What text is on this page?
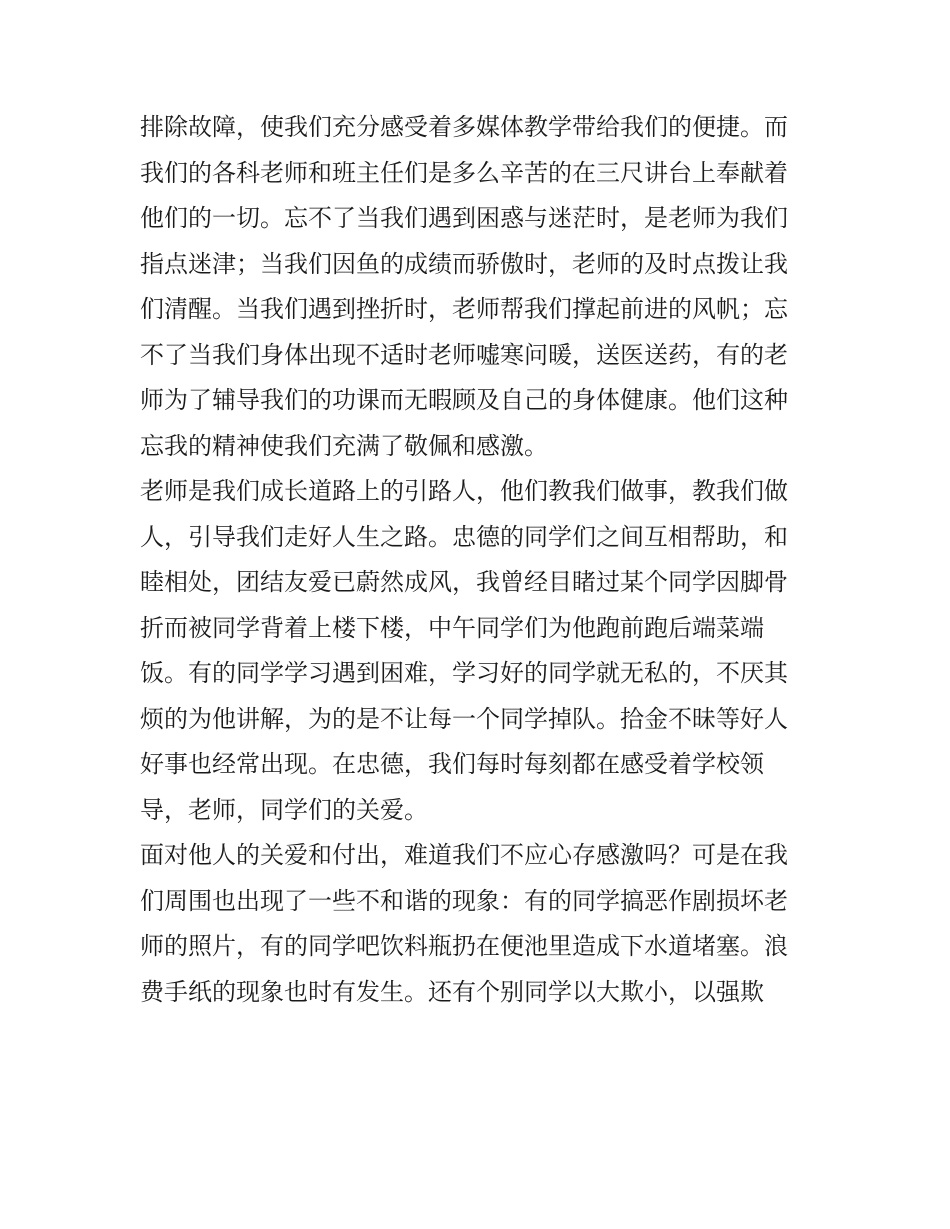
排除故障，使我们充分感受着多媒体教学带给我们的便捷。而
我们的各科老师和班主任们是多么辛苦的在三尺讲台上奉献着
他们的一切。忘不了当我们遇到困惑与迷茫时，是老师为我们
指点迷津；当我们因鱼的成绩而骄傲时，老师的及时点拨让我
们清醒。当我们遇到挫折时，老师帮我们撑起前进的风帆；忘
不了当我们身体出现不适时老师嘘寒问暖，送医送药，有的老
师为了辅导我们的功课而无暇顾及自己的身体健康。他们这种
忘我的精神使我们充满了敬佩和感激。
老师是我们成长道路上的引路人，他们教我们做事，教我们做
人，引导我们走好人生之路。忠德的同学们之间互相帮助，和
睦相处，团结友爱已蔚然成风，我曾经目睹过某个同学因脚骨
折而被同学背着上楼下楼，中午同学们为他跑前跑后端菜端
饭。有的同学学习遇到困难，学习好的同学就无私的，不厌其
烦的为他讲解，为的是不让每一个同学掉队。拾金不昧等好人
好事也经常出现。在忠德，我们每时每刻都在感受着学校领
导，老师，同学们的关爱。
面对他人的关爱和付出，难道我们不应心存感激吗？可是在我
们周围也出现了一些不和谐的现象：有的同学搞恶作剧损坏老
师的照片，有的同学吧饮料瓶扔在便池里造成下水道堵塞。浪
费手纸的现象也时有发生。还有个别同学以大欺小，以强欺
